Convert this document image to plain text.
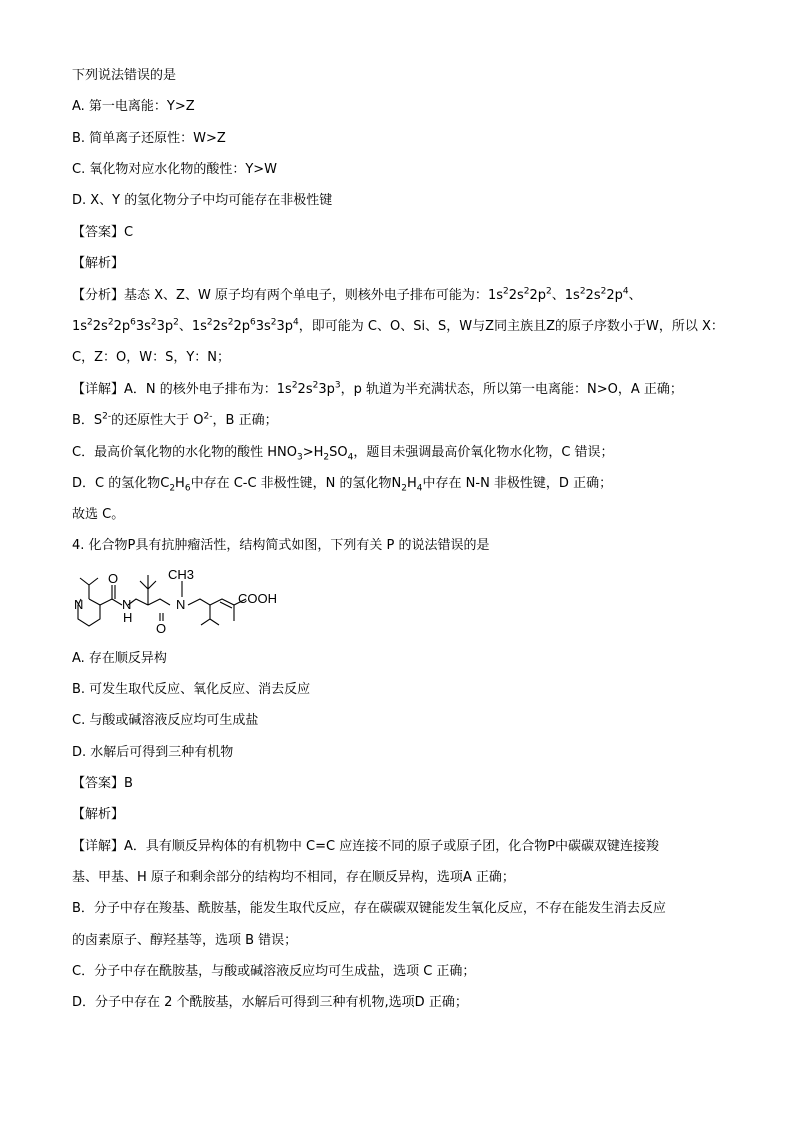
下列说法错误的是
A. 第一电离能：Y>Z
B. 简单离子还原性：W>Z
C. 氧化物对应水化物的酸性：Y>W
D. X、Y 的氢化物分子中均可能存在非极性键
【答案】C
【解析】
【分析】基态 X、Z、W 原子均有两个单电子，则核外电子排布可能为：$1s^22s^22p^2$、$1s^22s^22p^4$、
$1s^22s^22p^63s^23p^2$、$1s^22s^22p^63s^23p^4$，即可能为 C、O、Si、S，W与Z同主族且Z的原子序数小于W，所以 X：
C，Z：O，W：S，Y：N；
【详解】A．N 的核外电子排布为：$1s^22s^23p^3$，p 轨道为半充满状态，所以第一电离能：N>O，A 正确；
B．$S^{2-}$的还原性大于 $O^{2-}$，B 正确；
C．最高价氧化物的水化物的酸性 $HNO_3>H_2SO_4$，题目未强调最高价氧化物水化物，C 错误；
D．C 的氢化物$C_2H_6$中存在 C-C 非极性键，N 的氢化物$N_2H_4$中存在 N-N 非极性键，D 正确；
故选 C。
4. 化合物P具有抗肿瘤活性，结构简式如图，下列有关 P 的说法错误的是
CH3
N
O
N
H
N
O
COOH
A. 存在顺反异构
B. 可发生取代反应、氧化反应、消去反应
C. 与酸或碱溶液反应均可生成盐
D. 水解后可得到三种有机物
【答案】B
【解析】
【详解】A．具有顺反异构体的有机物中 C=C 应连接不同的原子或原子团，化合物P中碳碳双键连接羧
基、甲基、H 原子和剩余部分的结构均不相同，存在顺反异构，选项A 正确；
B．分子中存在羧基、酰胺基，能发生取代反应，存在碳碳双键能发生氧化反应，不存在能发生消去反应
的卤素原子、醇羟基等，选项 B 错误；
C．分子中存在酰胺基，与酸或碱溶液反应均可生成盐，选项 C 正确；
D．分子中存在 2 个酰胺基，水解后可得到三种有机物,选项D 正确；
